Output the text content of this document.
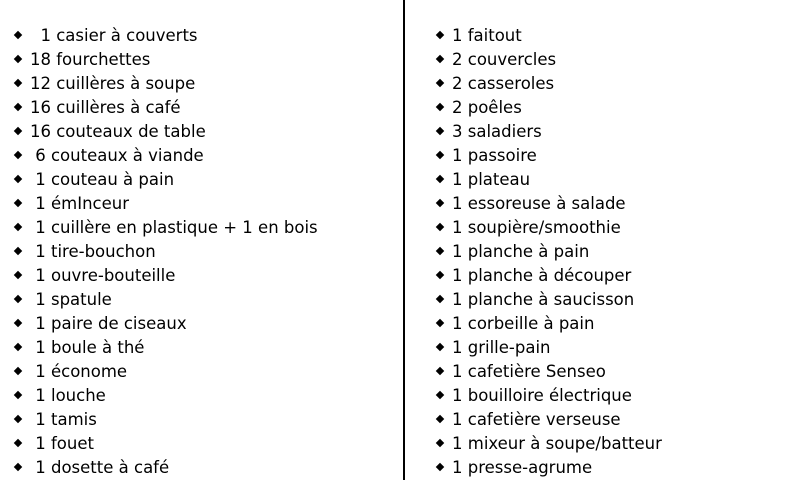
1 casier à couverts
18 fourchettes
12 cuillères à soupe
16 cuillères à café
16 couteaux de table
6 couteaux à viande
1 couteau à pain
1 émInceur
1 cuillère en plastique + 1 en bois
1 tire-bouchon
1 ouvre-bouteille
1 spatule
1 paire de ciseaux
1 boule à thé
1 économe
1 louche
1 tamis
1 fouet
1 dosette à café
1 faitout
2 couvercles
2 casseroles
2 poêles
3 saladiers
1 passoire
1 plateau
1 essoreuse à salade
1 soupière/smoothie
1 planche à pain
1 planche à découper
1 planche à saucisson
1 corbeille à pain
1 grille-pain
1 cafetière Senseo
1 bouilloire électrique
1 cafetière verseuse
1 mixeur à soupe/batteur
1 presse-agrume
